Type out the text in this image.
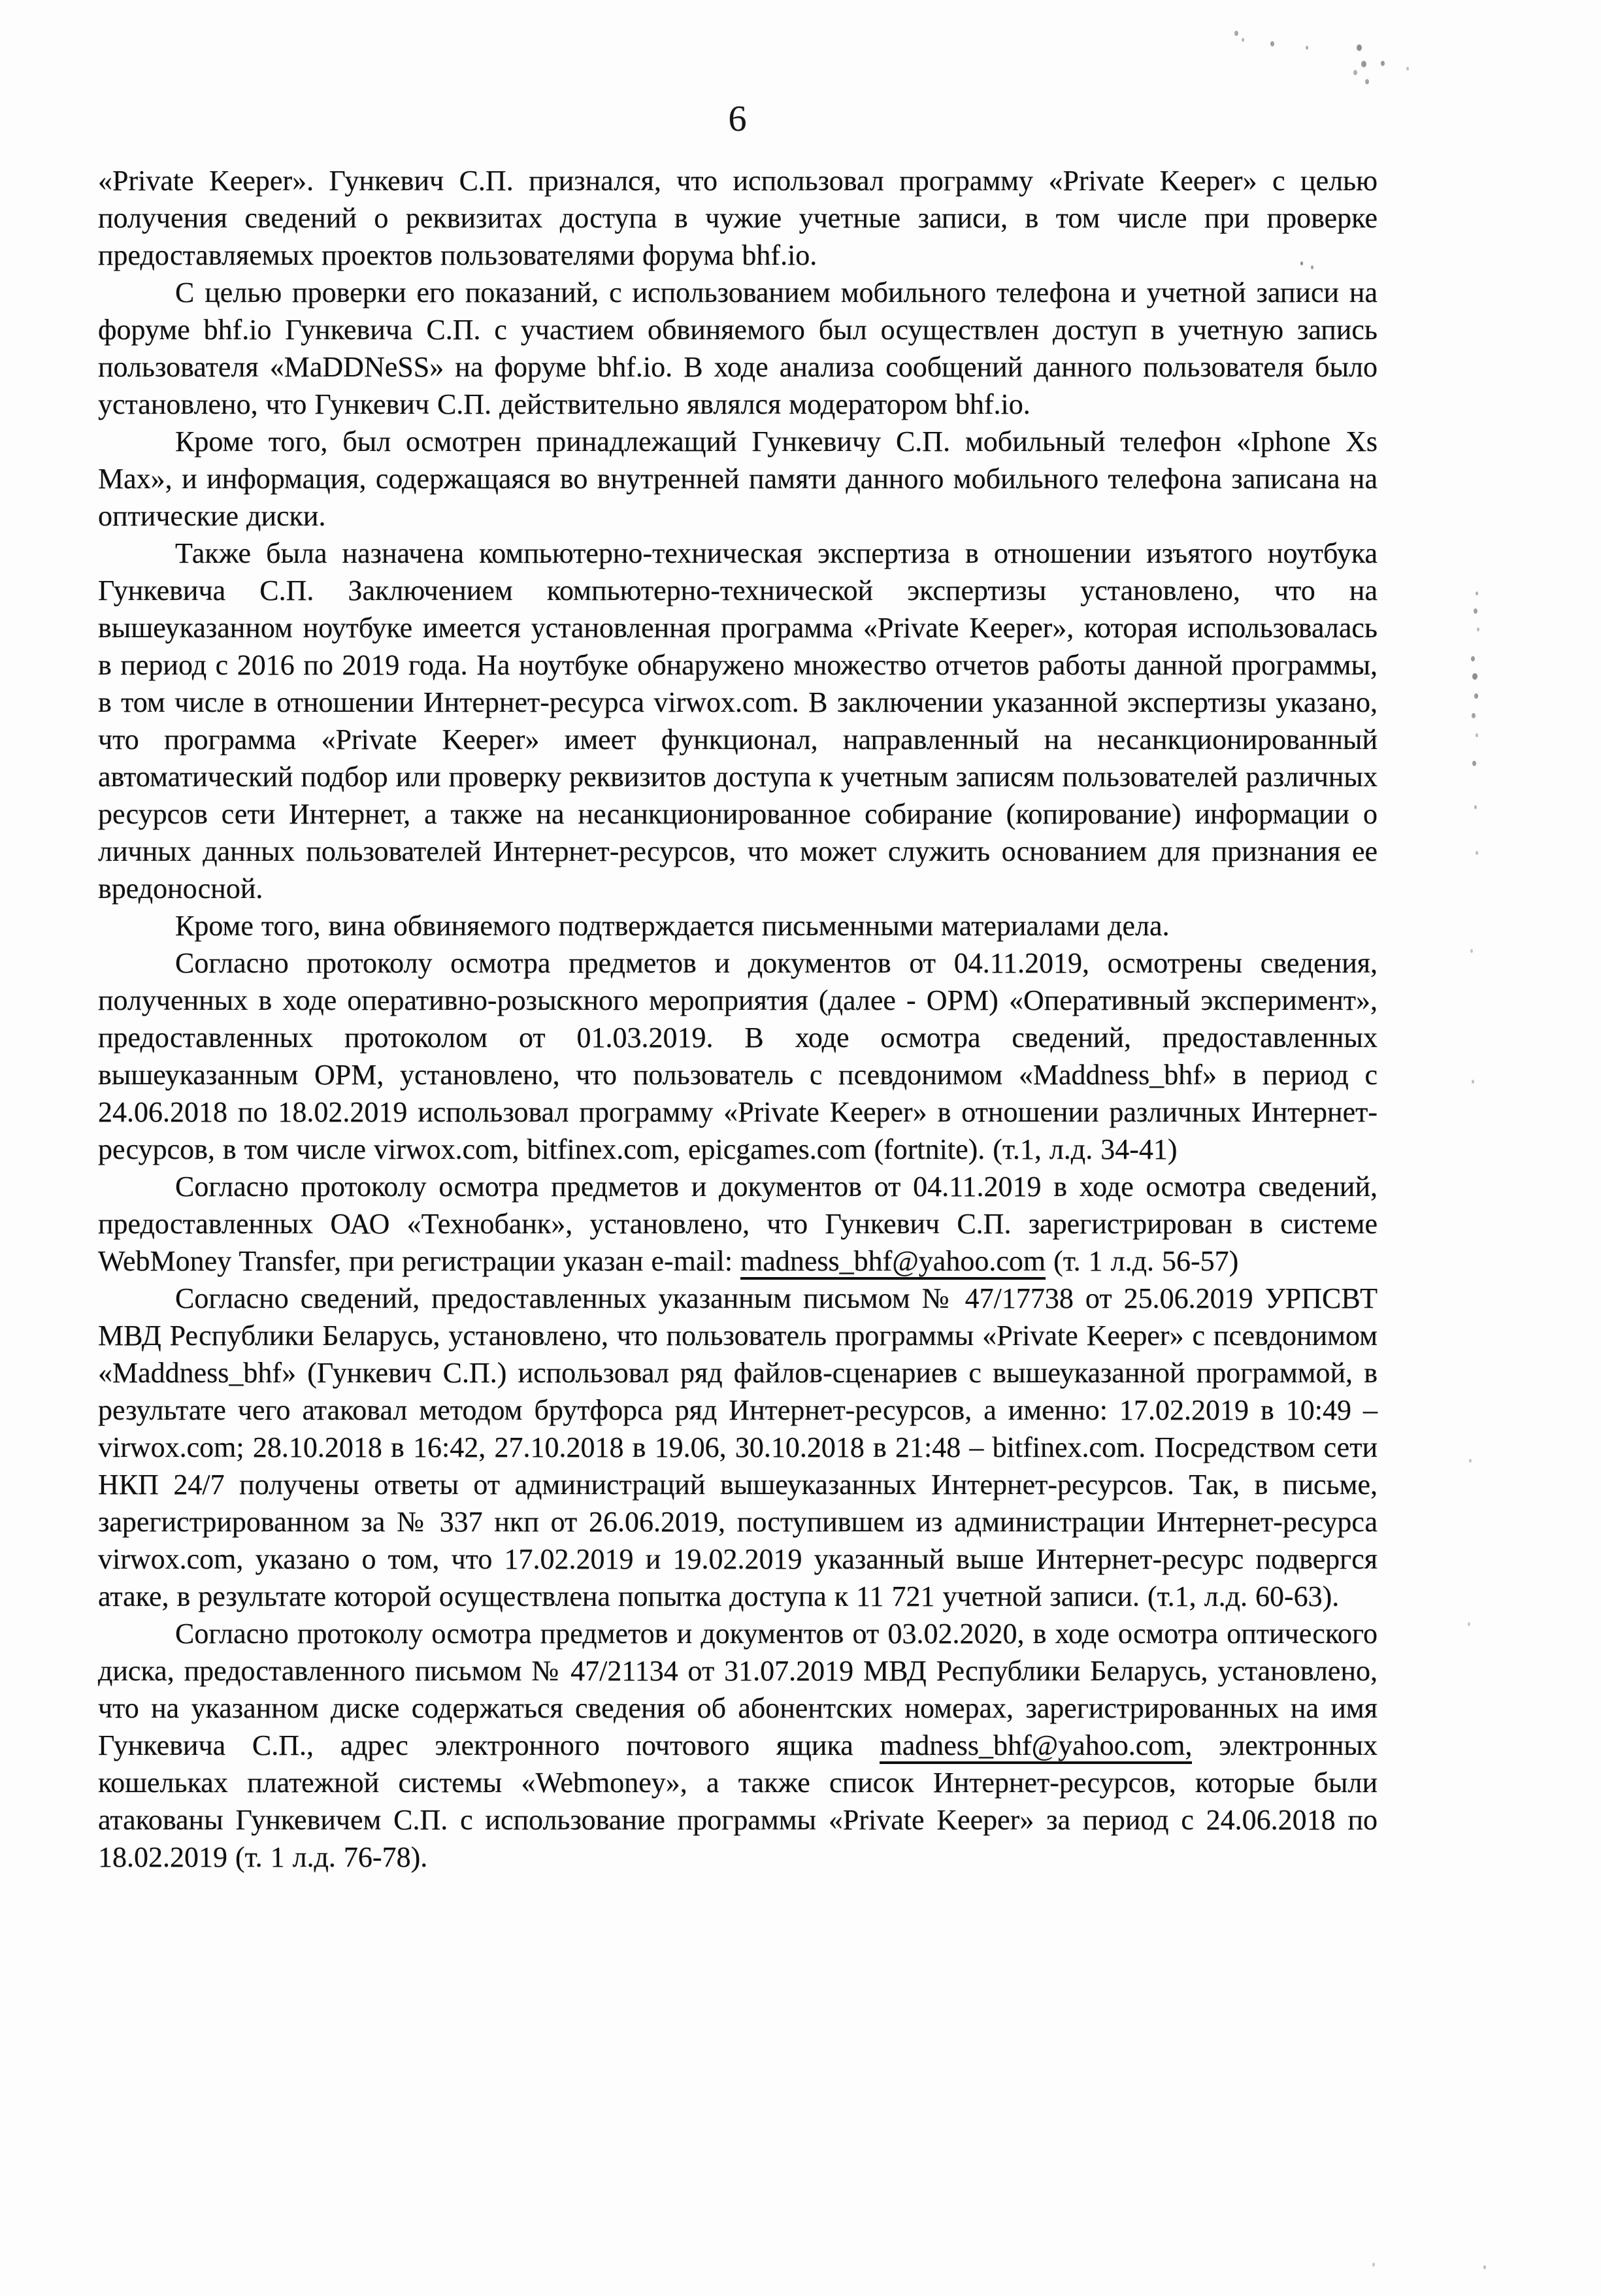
6

«Private Keeper». Гункевич С.П. признался, что использовал программу «Private Keeper» с целью получения сведений о реквизитах доступа в чужие учетные записи, в том числе при проверке предоставляемых проектов пользователями форума bhf.io.

С целью проверки его показаний, с использованием мобильного телефона и учетной записи на форуме bhf.io Гункевича С.П. с участием обвиняемого был осуществлен доступ в учетную запись пользователя «MaDDNeSS» на форуме bhf.io. В ходе анализа сообщений данного пользователя было установлено, что Гункевич С.П. действительно являлся модератором bhf.io.

Кроме того, был осмотрен принадлежащий Гункевичу С.П. мобильный телефон «Iphone Xs Max», и информация, содержащаяся во внутренней памяти данного мобильного телефона записана на оптические диски.

Также была назначена компьютерно-техническая экспертиза в отношении изъятого ноутбука Гункевича С.П. Заключением компьютерно-технической экспертизы установлено, что на вышеуказанном ноутбуке имеется установленная программа «Private Keeper», которая использовалась в период с 2016 по 2019 года. На ноутбуке обнаружено множество отчетов работы данной программы, в том числе в отношении Интернет-ресурса virwox.com. В заключении указанной экспертизы указано, что программа «Private Keeper» имеет функционал, направленный на несанкционированный автоматический подбор или проверку реквизитов доступа к учетным записям пользователей различных ресурсов сети Интернет, а также на несанкционированное собирание (копирование) информации о личных данных пользователей Интернет-ресурсов, что может служить основанием для признания ее вредоносной.

Кроме того, вина обвиняемого подтверждается письменными материалами дела.

Согласно протоколу осмотра предметов и документов от 04.11.2019, осмотрены сведения, полученных в ходе оперативно-розыскного мероприятия (далее - ОРМ) «Оперативный эксперимент», предоставленных протоколом от 01.03.2019. В ходе осмотра сведений, предоставленных вышеуказанным ОРМ, установлено, что пользователь с псевдонимом «Maddness_bhf» в период с 24.06.2018 по 18.02.2019 использовал программу «Private Keeper» в отношении различных Интернет-ресурсов, в том числе virwox.com, bitfinex.com, epicgames.com (fortnite). (т.1, л.д. 34-41)

Согласно протоколу осмотра предметов и документов от 04.11.2019 в ходе осмотра сведений, предоставленных ОАО «Технобанк», установлено, что Гункевич С.П. зарегистрирован в системе WebMoney Transfer, при регистрации указан e-mail: madness_bhf@yahoo.com (т. 1 л.д. 56-57)

Согласно сведений, предоставленных указанным письмом № 47/17738 от 25.06.2019 УРПСВТ МВД Республики Беларусь, установлено, что пользователь программы «Private Keeper» с псевдонимом «Maddness_bhf» (Гункевич С.П.) использовал ряд файлов-сценариев с вышеуказанной программой, в результате чего атаковал методом брутфорса ряд Интернет-ресурсов, а именно: 17.02.2019 в 10:49 – virwox.com; 28.10.2018 в 16:42, 27.10.2018 в 19.06, 30.10.2018 в 21:48 – bitfinex.com. Посредством сети НКП 24/7 получены ответы от администраций вышеуказанных Интернет-ресурсов. Так, в письме, зарегистрированном за № 337 нкп от 26.06.2019, поступившем из администрации Интернет-ресурса virwox.com, указано о том, что 17.02.2019 и 19.02.2019 указанный выше Интернет-ресурс подвергся атаке, в результате которой осуществлена попытка доступа к 11 721 учетной записи. (т.1, л.д. 60-63).

Согласно протоколу осмотра предметов и документов от 03.02.2020, в ходе осмотра оптического диска, предоставленного письмом № 47/21134 от 31.07.2019 МВД Республики Беларусь, установлено, что на указанном диске содержаться сведения об абонентских номерах, зарегистрированных на имя Гункевича С.П., адрес электронного почтового ящика madness_bhf@yahoo.com, электронных кошельках платежной системы «Webmoney», а также список Интернет-ресурсов, которые были атакованы Гункевичем С.П. с использование программы «Private Keeper» за период с 24.06.2018 по 18.02.2019 (т. 1 л.д. 76-78).
